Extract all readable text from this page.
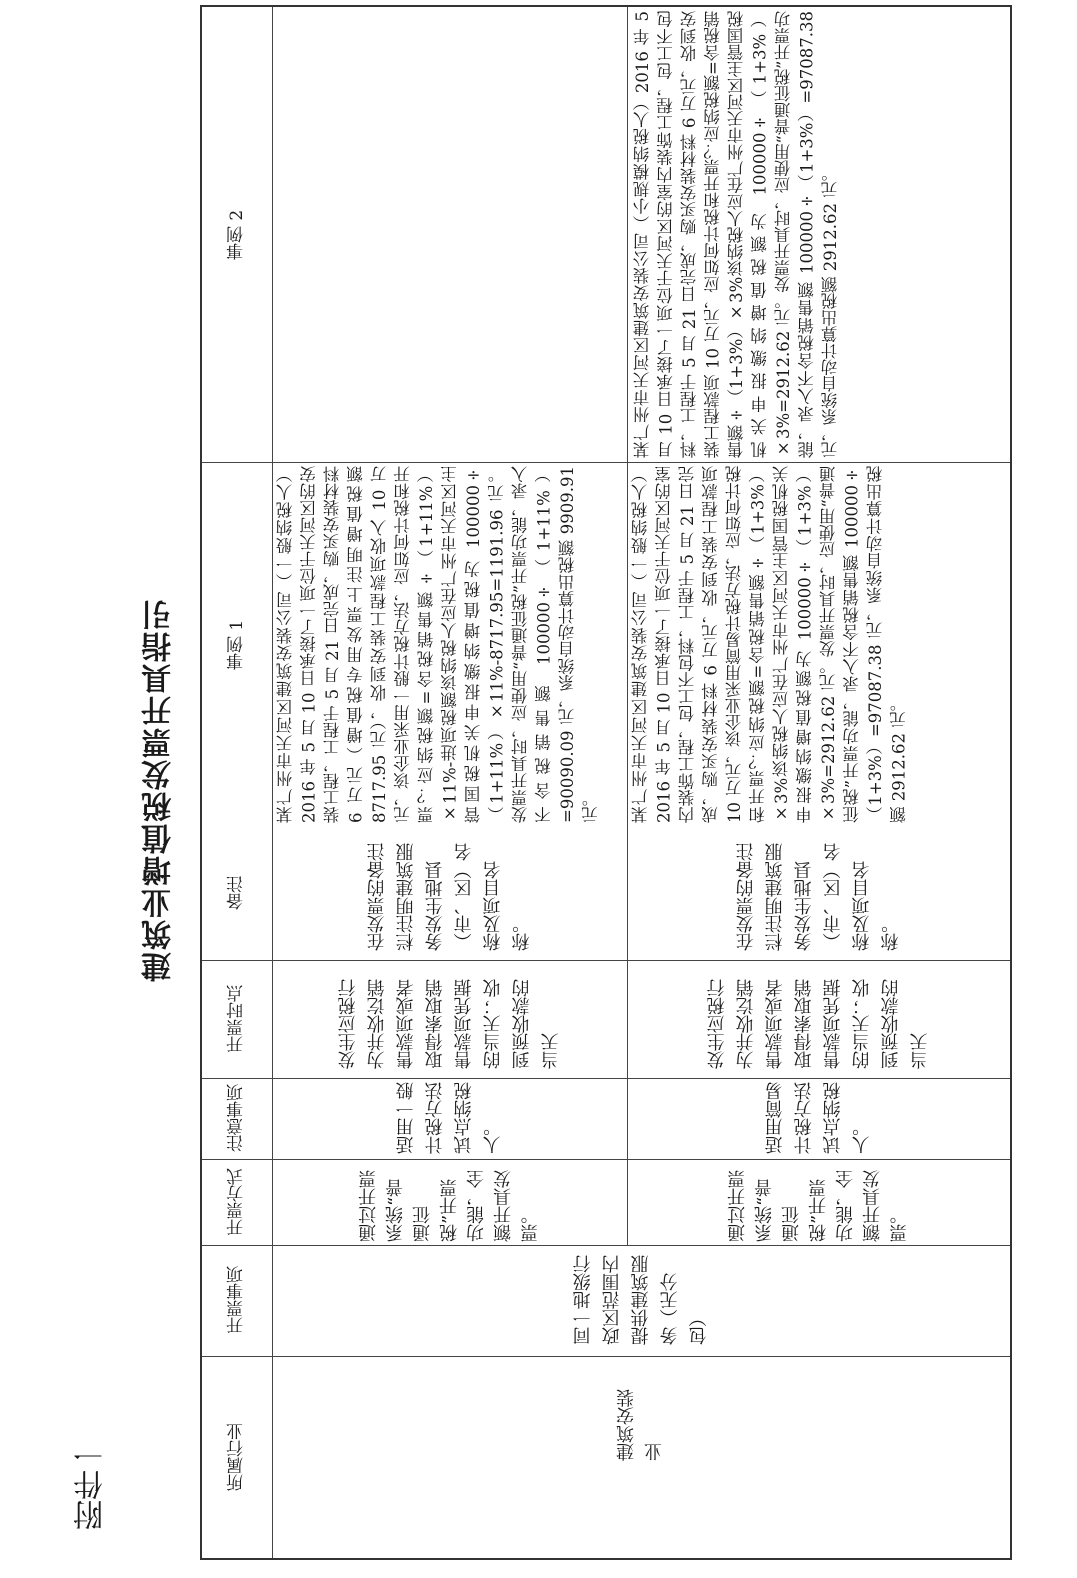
附件一
建筑业增值税发票开具指引
所属行业
开票事项
开票方式
注意事项
开票时点
备注
事例 1
事例 2
建筑安装业
同一地级行政区范围内提供建筑服务（无分包）
通过开票系统“普通征税”开票功能，全额开具发票。
适用一般计税方法试点纳税人。
发生应税行为并收讫销售款项或者取得索取销售款项凭据的当天；收到预收款的当天
在发票的备注栏注明建筑服务发生地县（市、区）名称及项目名称。
某广州市天河区建筑安装公司（一般纳税人）2016 年 5 月 10 日承接了一项位于天河区的安装工程，工程于 5 月 21 日完成，购买安装材料 6 万元（增值税专用发票上注明增值税额 8717.95 元），收到安装工程款项收入 10 万元，该企业采用一般计税方法，应如何计税和开票？应纳税额=含税销售额÷（1+11%）×11%-进项税额该纳税人应在广州市天河区主管国税机关申报缴纳增值税为 100000÷（1+11%）×11%-8717.95=1191.96 元。发票开具时，应使用“普通征税”开票功能，录入不含税销售额 100000÷（1+11%）=90090.09 元，系统自动计算出税额 9909.91 元。
某广州市天河区建筑安装公司（小规模纳税人）2016 年 5 月 10 日承接了一项位于天河区的室内装饰工程，包工不包料，工程于 5 月 21 日完成，购买安装材料 6 万元，收到安装工程款项 10 万元，应如何计税和开票？应纳税额=含税销售额÷（1+3%）×3%该纳税人应在广州市天河区主管国税机关申报缴纳增值税额为 100000÷（1+3%）×3%=2912.62 元。发票开具时，应使用“普通征税”开票功能，录入不含税销售额 100000÷（1+3%）=97087.38 元，系统自动计算出税额 2912.62 元。
通过开票系统“普通征税”开票功能，全额开具发票。
适用简易计税方法试点纳税人。
发生应税行为并收讫销售款项或者取得索取销售款项凭据的当天；收到预收款的当天
在发票的备注栏注明建筑服务发生地县（市、区）名称及项目名称。
某广州市天河区建筑安装公司（一般纳税人）2016 年 5 月 10 日承接了一项位于天河区的室内装饰工程，包工不包料，工程于 5 月 21 日完成，购买安装材料 6 万元，收到安装工程款项 10 万元，该企业采用简易计税方法，应如何计税和开票？应纳税额=含税销售额÷（1+3%）×3%该纳税人应在广州市天河区主管国税机关申报缴纳增值税额为 100000÷（1+3%）×3%=2912.62 元。发票开具时，应使用“普通征税”开票功能，录入不含税销售额 100000÷（1+3%）=97087.38 元，系统自动计算出税额 2912.62 元。
